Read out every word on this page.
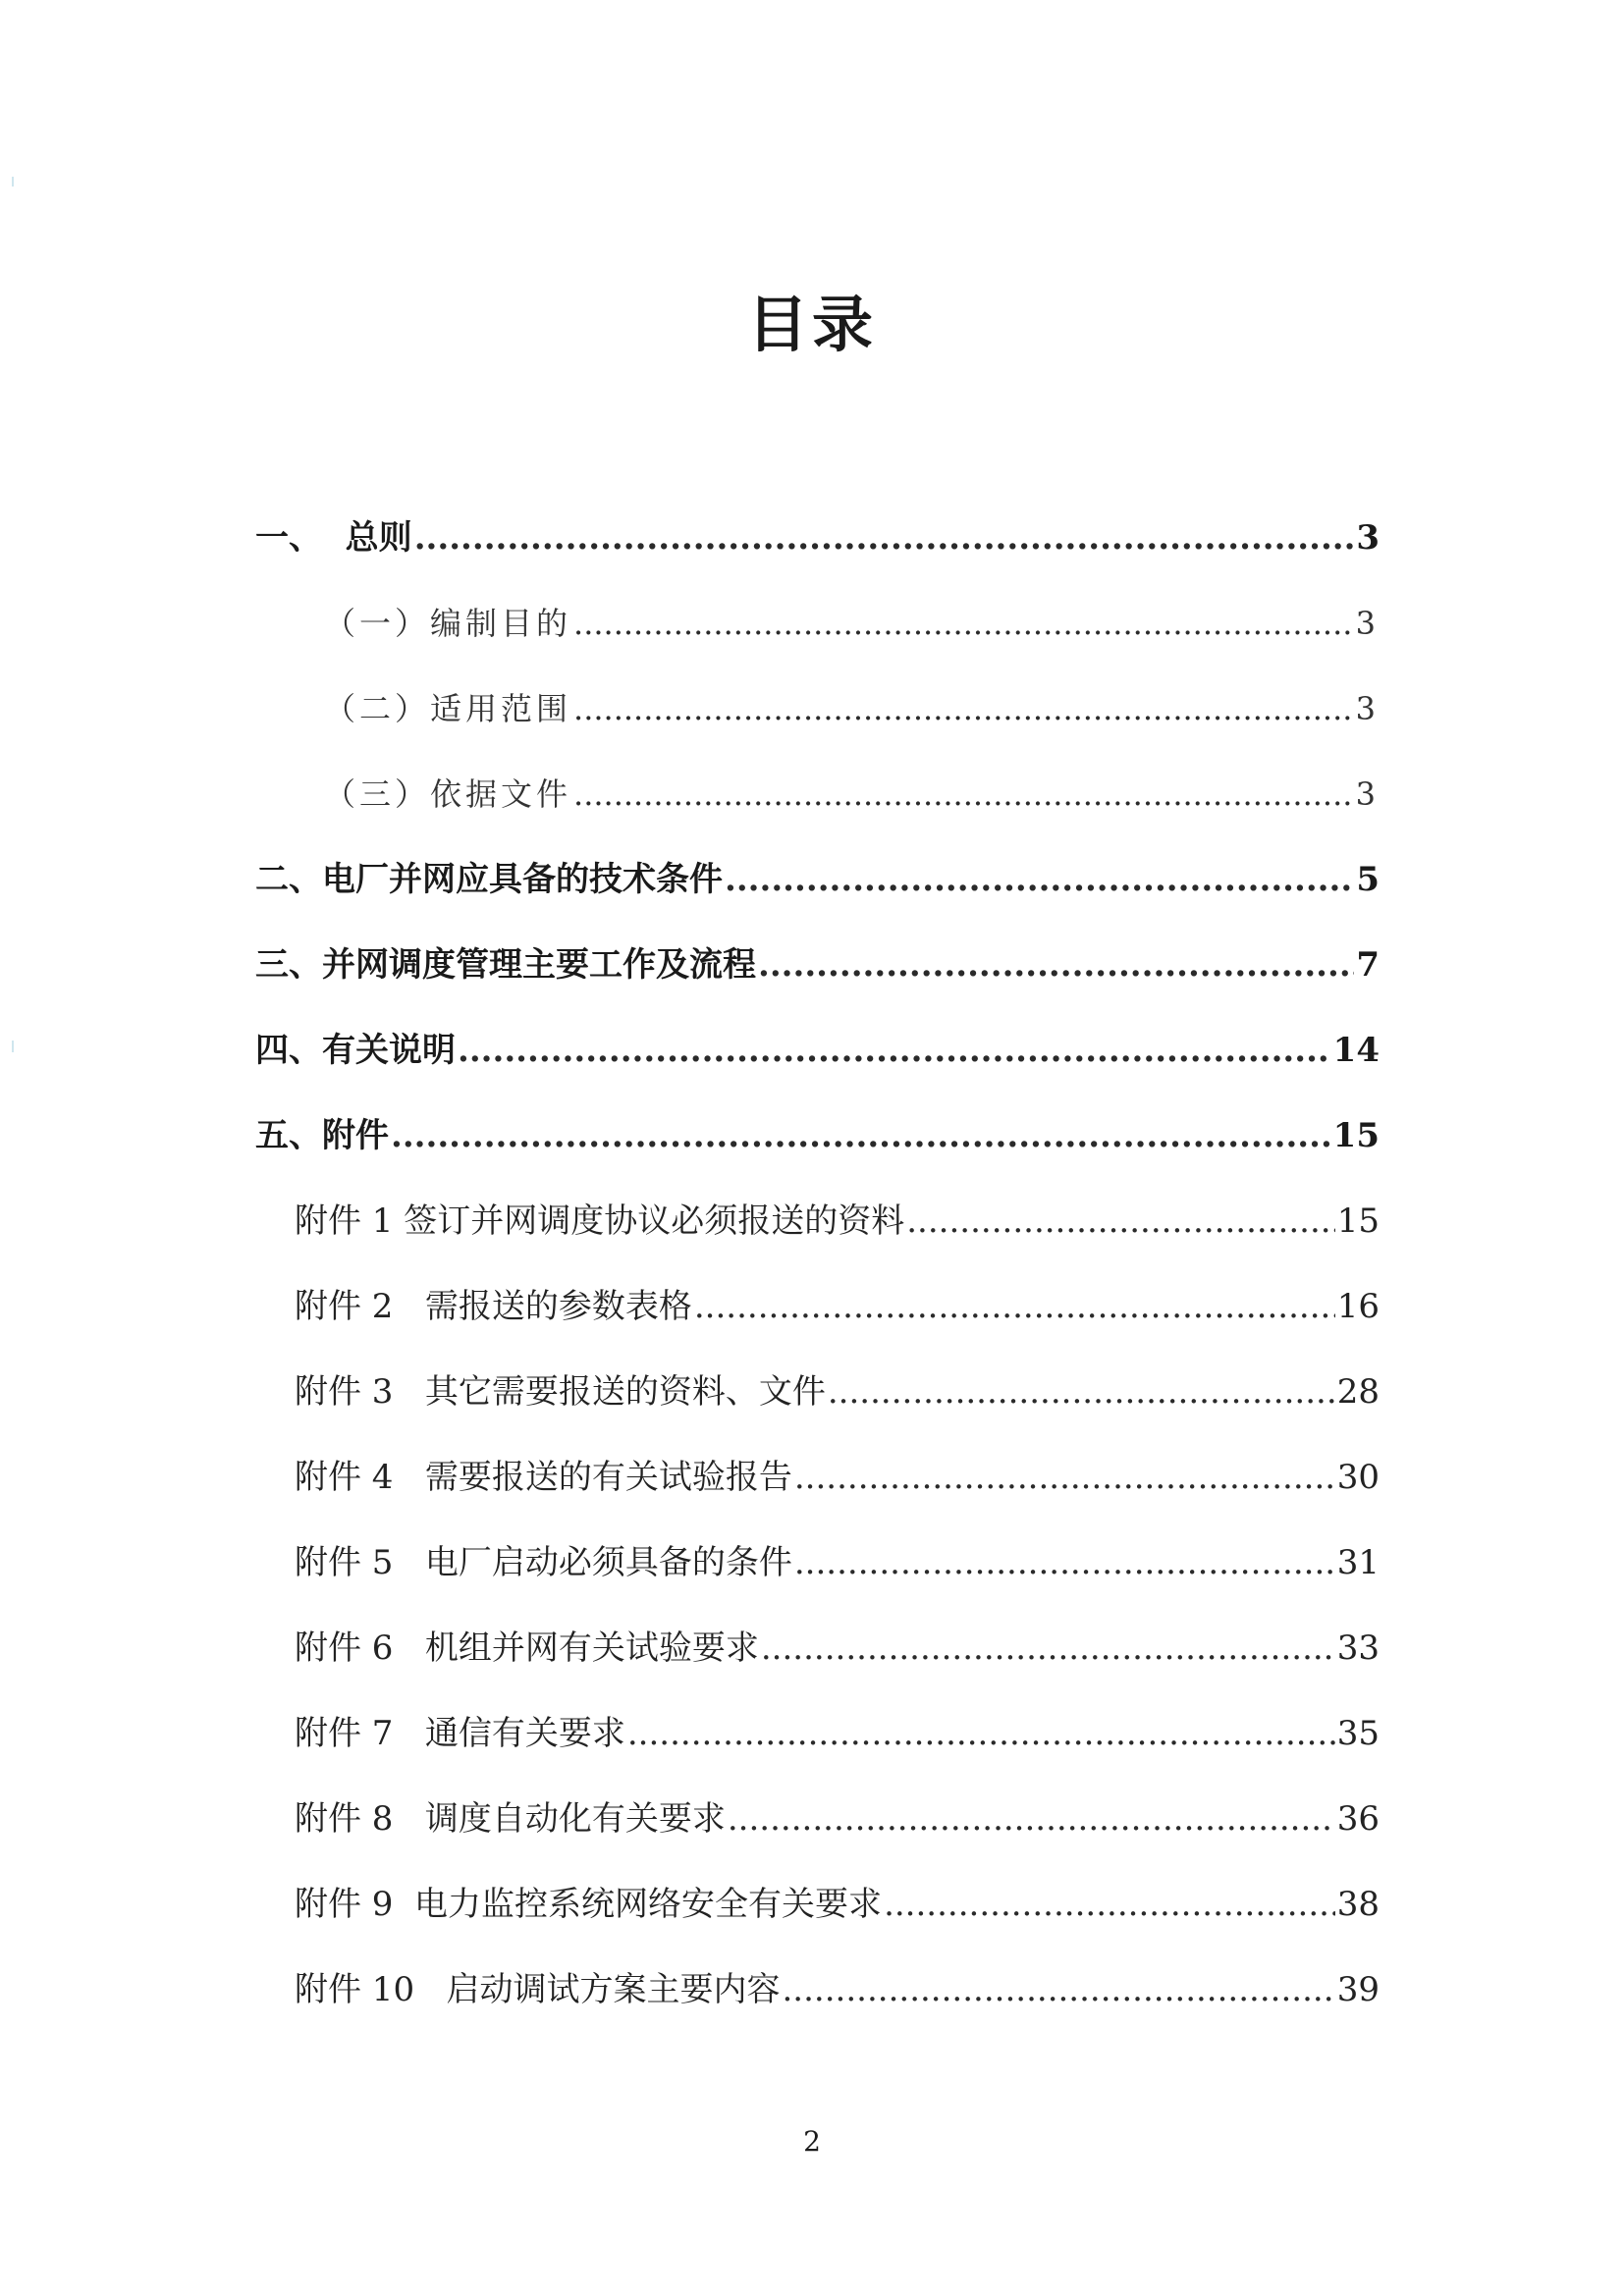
目录
一、  总则 .....	3
（一）编制目的 .....	3
（二）适用范围 .....	3
（三）依据文件 .....	3
二、电厂并网应具备的技术条件 .....	5
三、并网调度管理主要工作及流程 .....	7
四、有关说明 .....	14
五、附件 .....	15
附件 1 签订并网调度协议必须报送的资料 .....	15
附件 2   需报送的参数表格 .....	16
附件 3   其它需要报送的资料、文件 .....	28
附件 4   需要报送的有关试验报告 .....	30
附件 5   电厂启动必须具备的条件 .....	31
附件 6   机组并网有关试验要求 .....	33
附件 7   通信有关要求 .....	35
附件 8   调度自动化有关要求 .....	36
附件 9  电力监控系统网络安全有关要求 .....	38
附件 10   启动调试方案主要内容 .....	39
2
